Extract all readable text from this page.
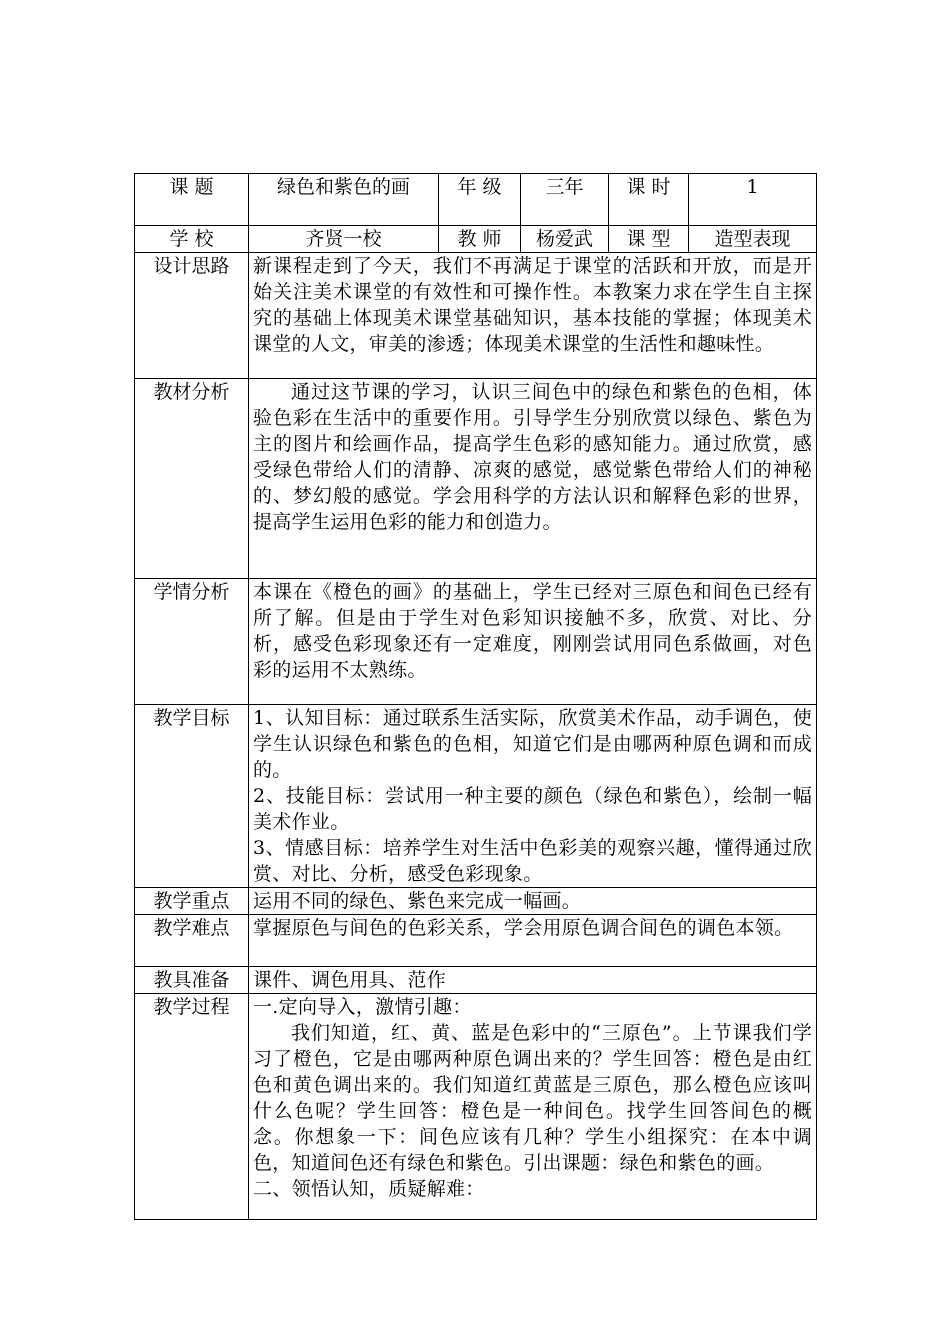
课 题	绿色和紫色的画	年 级	三年	课 时	1
学 校	齐贤一校	教 师	杨爱武	课 型	造型表现
设计思路	新课程走到了今天，我们不再满足于课堂的活跃和开放，而是开始关注美术课堂的有效性和可操作性。本教案力求在学生自主探究的基础上体现美术课堂基础知识，基本技能的掌握；体现美术课堂的人文，审美的渗透；体现美术课堂的生活性和趣味性。				
教材分析	通过这节课的学习，认识三间色中的绿色和紫色的色相，体验色彩在生活中的重要作用。引导学生分别欣赏以绿色、紫色为主的图片和绘画作品，提高学生色彩的感知能力。通过欣赏，感受绿色带给人们的清静、凉爽的感觉，感觉紫色带给人们的神秘的、梦幻般的感觉。学会用科学的方法认识和解释色彩的世界，提高学生运用色彩的能力和创造力。				
学情分析	本课在《橙色的画》的基础上，学生已经对三原色和间色已经有所了解。但是由于学生对色彩知识接触不多，欣赏、对比、分析，感受色彩现象还有一定难度，刚刚尝试用同色系做画，对色彩的运用不太熟练。				
教学目标	1、认知目标：通过联系生活实际，欣赏美术作品，动手调色，使学生认识绿色和紫色的色相，知道它们是由哪两种原色调和而成的。

2、技能目标：尝试用一种主要的颜色（绿色和紫色），绘制一幅美术作业。

3、情感目标：培养学生对生活中色彩美的观察兴趣，懂得通过欣赏、对比、分析，感受色彩现象。				

教学重点	运用不同的绿色、紫色来完成一幅画。				
教学难点	掌握原色与间色的色彩关系，学会用原色调合间色的调色本领。				
教具准备	课件、调色用具、范作				
教学过程	一.定向导入，激情引趣：

我们知道，红、黄、蓝是色彩中的“三原色”。上节课我们学习了橙色，它是由哪两种原色调出来的？学生回答：橙色是由红色和黄色调出来的。我们知道红黄蓝是三原色，那么橙色应该叫什么色呢？学生回答：橙色是一种间色。找学生回答间色的概念。你想象一下：间色应该有几种？学生小组探究：在本中调色，知道间色还有绿色和紫色。引出课题：绿色和紫色的画。

二、领悟认知，质疑解难：				
